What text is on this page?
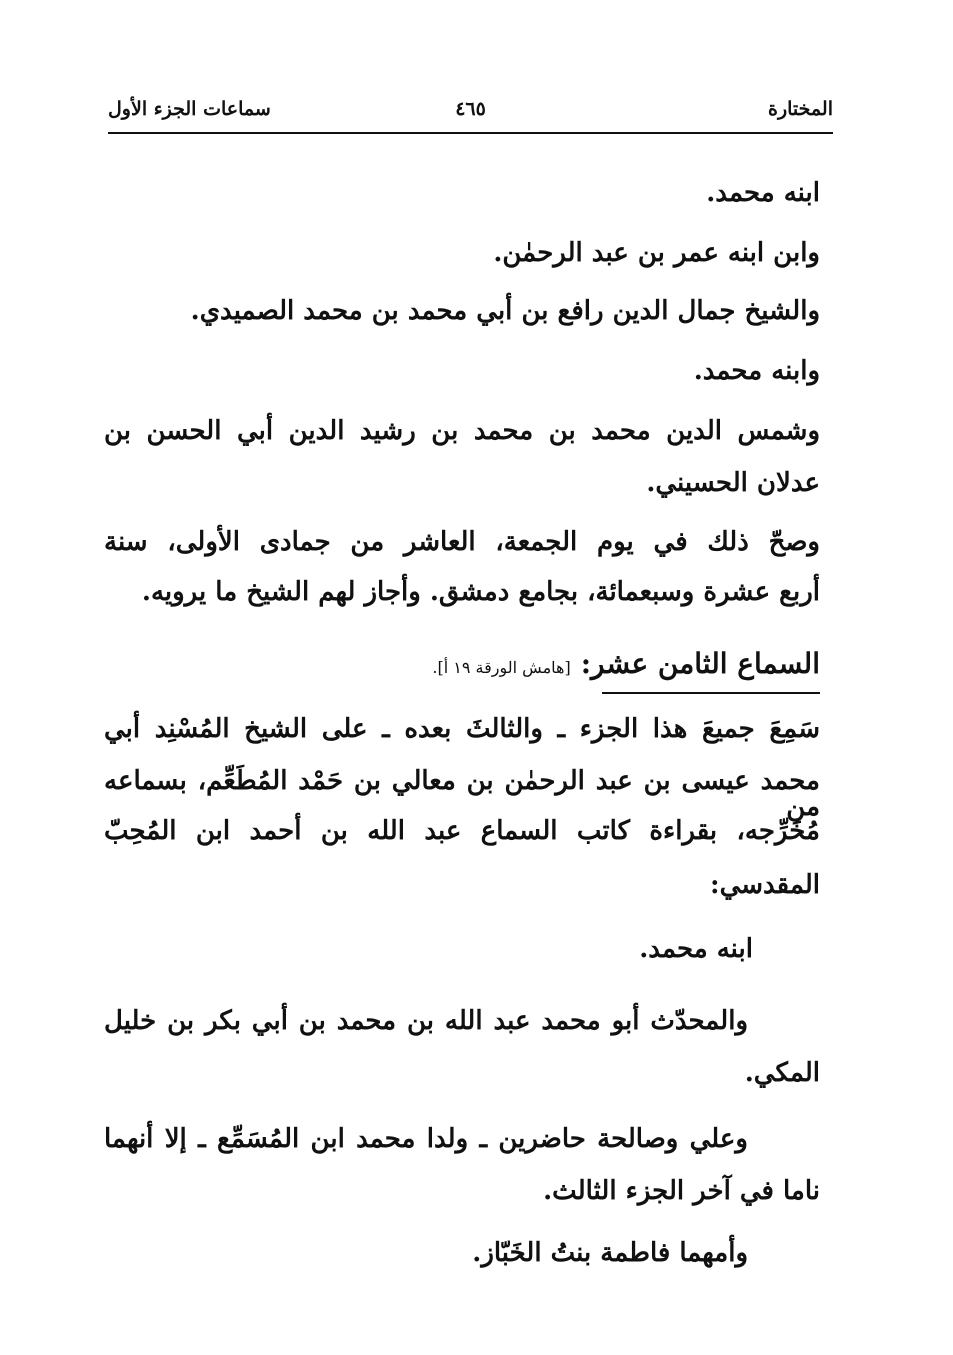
المختارة
٤٦٥
سماعات الجزء الأول
ابنه محمد.
وابن ابنه عمر بن عبد الرحمٰن.
والشيخ جمال الدين رافع بن أبي محمد بن محمد الصميدي.
وابنه محمد.
وشمس الدين محمد بن محمد بن رشيد الدين أبي الحسن بن
عدلان الحسيني.
وصحّ ذلك في يوم الجمعة، العاشر من جمادى الأولى، سنة
أربع عشرة وسبعمائة، بجامع دمشق. وأجاز لهم الشيخ ما يرويه.
السماع الثامن عشر:[هامش الورقة ١٩ أ].
سَمِعَ جميعَ هذا الجزء ـ والثالثَ بعده ـ على الشيخ المُسْنِد أبي
محمد عيسى بن عبد الرحمٰن بن معالي بن حَمْد المُطَعِّم، بسماعه من
مُخَرِّجه، بقراءة كاتب السماع عبد الله بن أحمد ابن المُحِبّ
المقدسي:
ابنه محمد.
والمحدّث أبو محمد عبد الله بن محمد بن أبي بكر بن خليل
المكي.
وعلي وصالحة حاضرين ـ ولدا محمد ابن المُسَمِّع ـ إلا أنهما
ناما في آخر الجزء الثالث.
وأمهما فاطمة بنتُ الخَبّاز.
